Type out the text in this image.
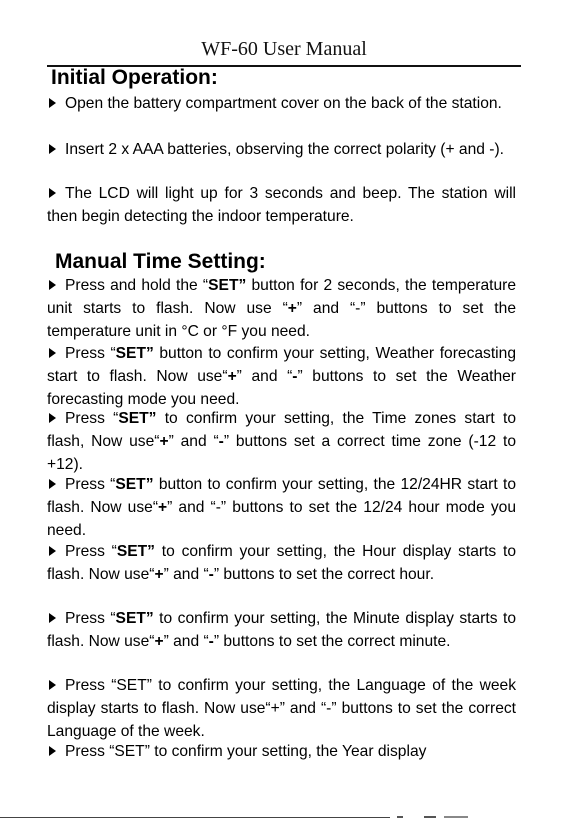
WF-60 User Manual
Initial Operation:
Open the battery compartment cover on the back of the station.
Insert 2 x AAA batteries, observing the correct polarity (+ and -).
The LCD will light up for 3 seconds and beep. The station will then begin detecting the indoor temperature.
Manual Time Setting:
Press and hold the “SET” button for 2 seconds, the temperature unit starts to flash. Now use “+” and “-” buttons to set the temperature unit in °C or °F you need.
Press “SET” button to confirm your setting, Weather forecasting start to flash. Now use“+” and “-” buttons to set the Weather forecasting mode you need.
Press “SET” to confirm your setting, the Time zones start to flash, Now use“+” and “-” buttons set a correct time zone (-12 to +12).
Press “SET” button to confirm your setting, the 12/24HR start to flash. Now use“+” and “-” buttons to set the 12/24 hour mode you need.
Press “SET” to confirm your setting, the Hour display starts to flash. Now use“+” and “-” buttons to set the correct hour.
Press “SET” to confirm your setting, the Minute display starts to flash. Now use“+” and “-” buttons to set the correct minute.
Press “SET” to confirm your setting, the Language of the week display starts to flash. Now use“+” and “-” buttons to set the correct Language of the week.
Press “SET” to confirm your setting, the Year display
